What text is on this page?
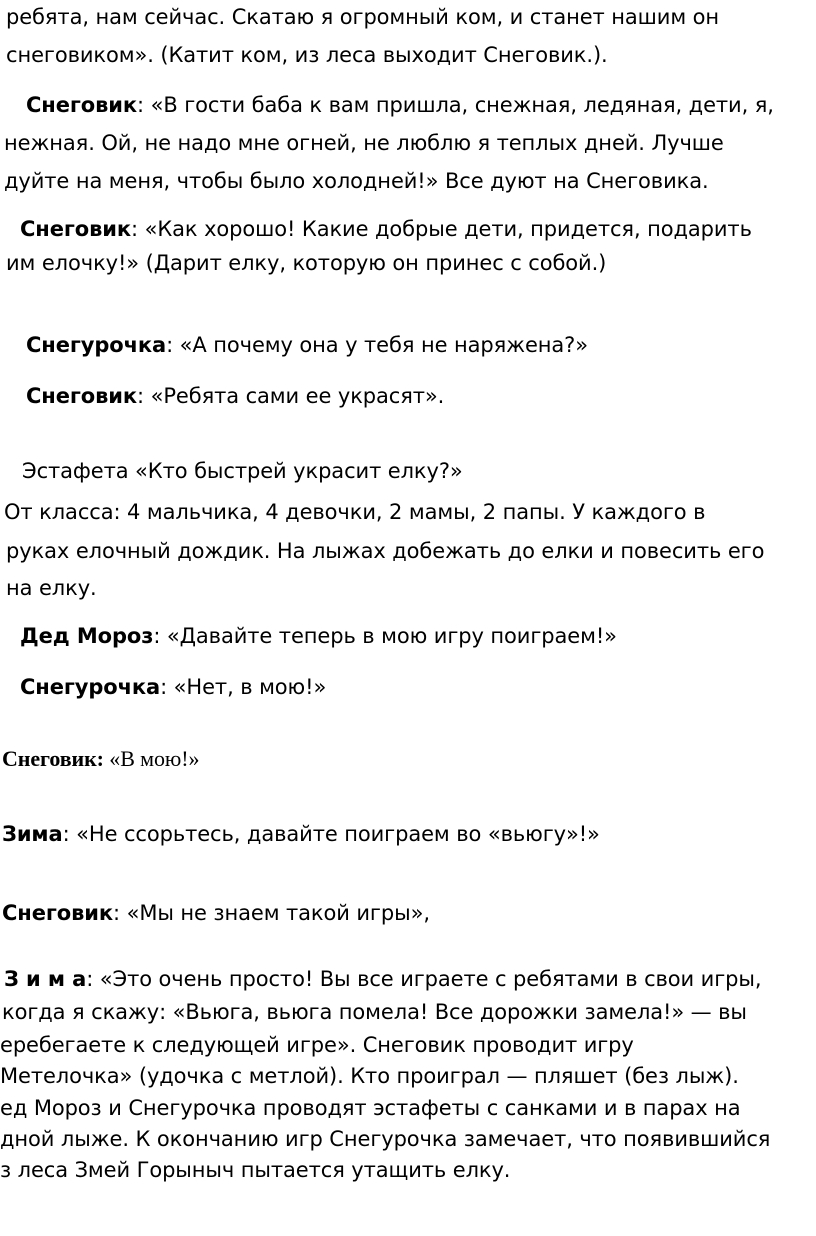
ребята, нам сейчас. Скатаю я огромный ком, и станет нашим он
снеговиком». (Катит ком, из леса выходит Снеговик.).
Снеговик: «В гости баба к вам пришла, снежная, ледяная, дети, я,
нежная. Ой, не надо мне огней, не люблю я теплых дней. Лучше
дуйте на меня, чтобы было холодней!» Все дуют на Снеговика.
Снеговик: «Как хорошо! Какие добрые дети, придется, подарить
им елочку!» (Дарит елку, которую он принес с собой.)
Снегурочка: «А почему она у тебя не наряжена?»
Снеговик: «Ребята сами ее украсят».
Эстафета «Кто быстрей украсит елку?»
От класса: 4 мальчика, 4 девочки, 2 мамы, 2 папы. У каждого в
руках елочный дождик. На лыжах добежать до елки и повесить его
на елку.
Дед Мороз: «Давайте теперь в мою игру поиграем!»
Снегурочка: «Нет, в мою!»
Снеговик: «В мою!»
Зима: «Не ссорьтесь, давайте поиграем во «вьюгу»!»
Снеговик: «Мы не знаем такой игры»,
З и м а: «Это очень просто! Вы все играете с ребятами в свои игры,
когда я скажу: «Вьюга, вьюга помела! Все дорожки замела!» — вы
еребегаете к следующей игре». Снеговик проводит игру
Метелочка» (удочка с метлой). Кто проиграл — пляшет (без лыж).
ед Мороз и Снегурочка проводят эстафеты с санками и в парах на
дной лыже. К окончанию игр Снегурочка замечает, что появившийся
з леса Змей Горыныч пытается утащить елку.
